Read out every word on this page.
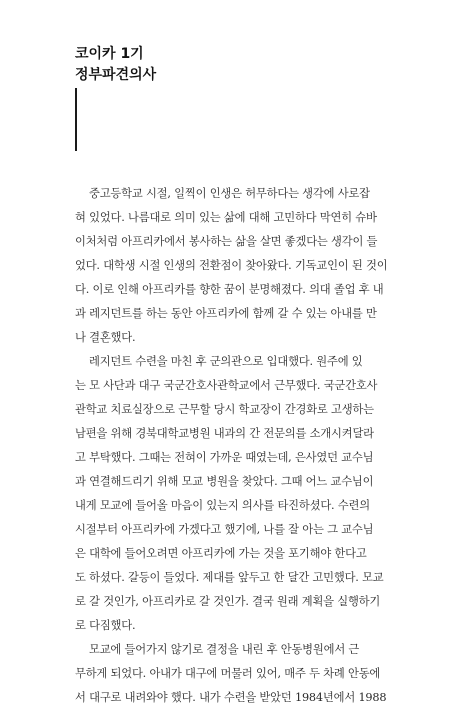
코이카 1기
정부파견의사
중고등학교 시절, 일찍이 인생은 허무하다는 생각에 사로잡
혀 있었다. 나름대로 의미 있는 삶에 대해 고민하다 막연히 슈바
이처처럼 아프리카에서 봉사하는 삶을 살면 좋겠다는 생각이 들
었다. 대학생 시절 인생의 전환점이 찾아왔다. 기독교인이 된 것이
다. 이로 인해 아프리카를 향한 꿈이 분명해졌다. 의대 졸업 후 내
과 레지던트를 하는 동안 아프리카에 함께 갈 수 있는 아내를 만
나 결혼했다.
레지던트 수련을 마친 후 군의관으로 입대했다. 원주에 있
는 모 사단과 대구 국군간호사관학교에서 근무했다. 국군간호사
관학교 치료실장으로 근무할 당시 학교장이 간경화로 고생하는
남편을 위해 경북대학교병원 내과의 간 전문의를 소개시켜달라
고 부탁했다. 그때는 전혀이 가까운 때였는데, 은사였던 교수님
과 연결해드리기 위해 모교 병원을 찾았다. 그때 어느 교수님이
내게 모교에 들어올 마음이 있는지 의사를 타진하셨다. 수련의
시절부터 아프리카에 가겠다고 했기에, 나를 잘 아는 그 교수님
은 대학에 들어오려면 아프리카에 가는 것을 포기해야 한다고
도 하셨다. 갈등이 들었다. 제대를 앞두고 한 달간 고민했다. 모교
로 갈 것인가, 아프리카로 갈 것인가. 결국 원래 계획을 실행하기
로 다짐했다.
모교에 들어가지 않기로 결정을 내린 후 안동병원에서 근
무하게 되었다. 아내가 대구에 머물러 있어, 매주 두 차례 안동에
서 대구로 내려와야 했다. 내가 수련을 받았던 1984년에서 1988
